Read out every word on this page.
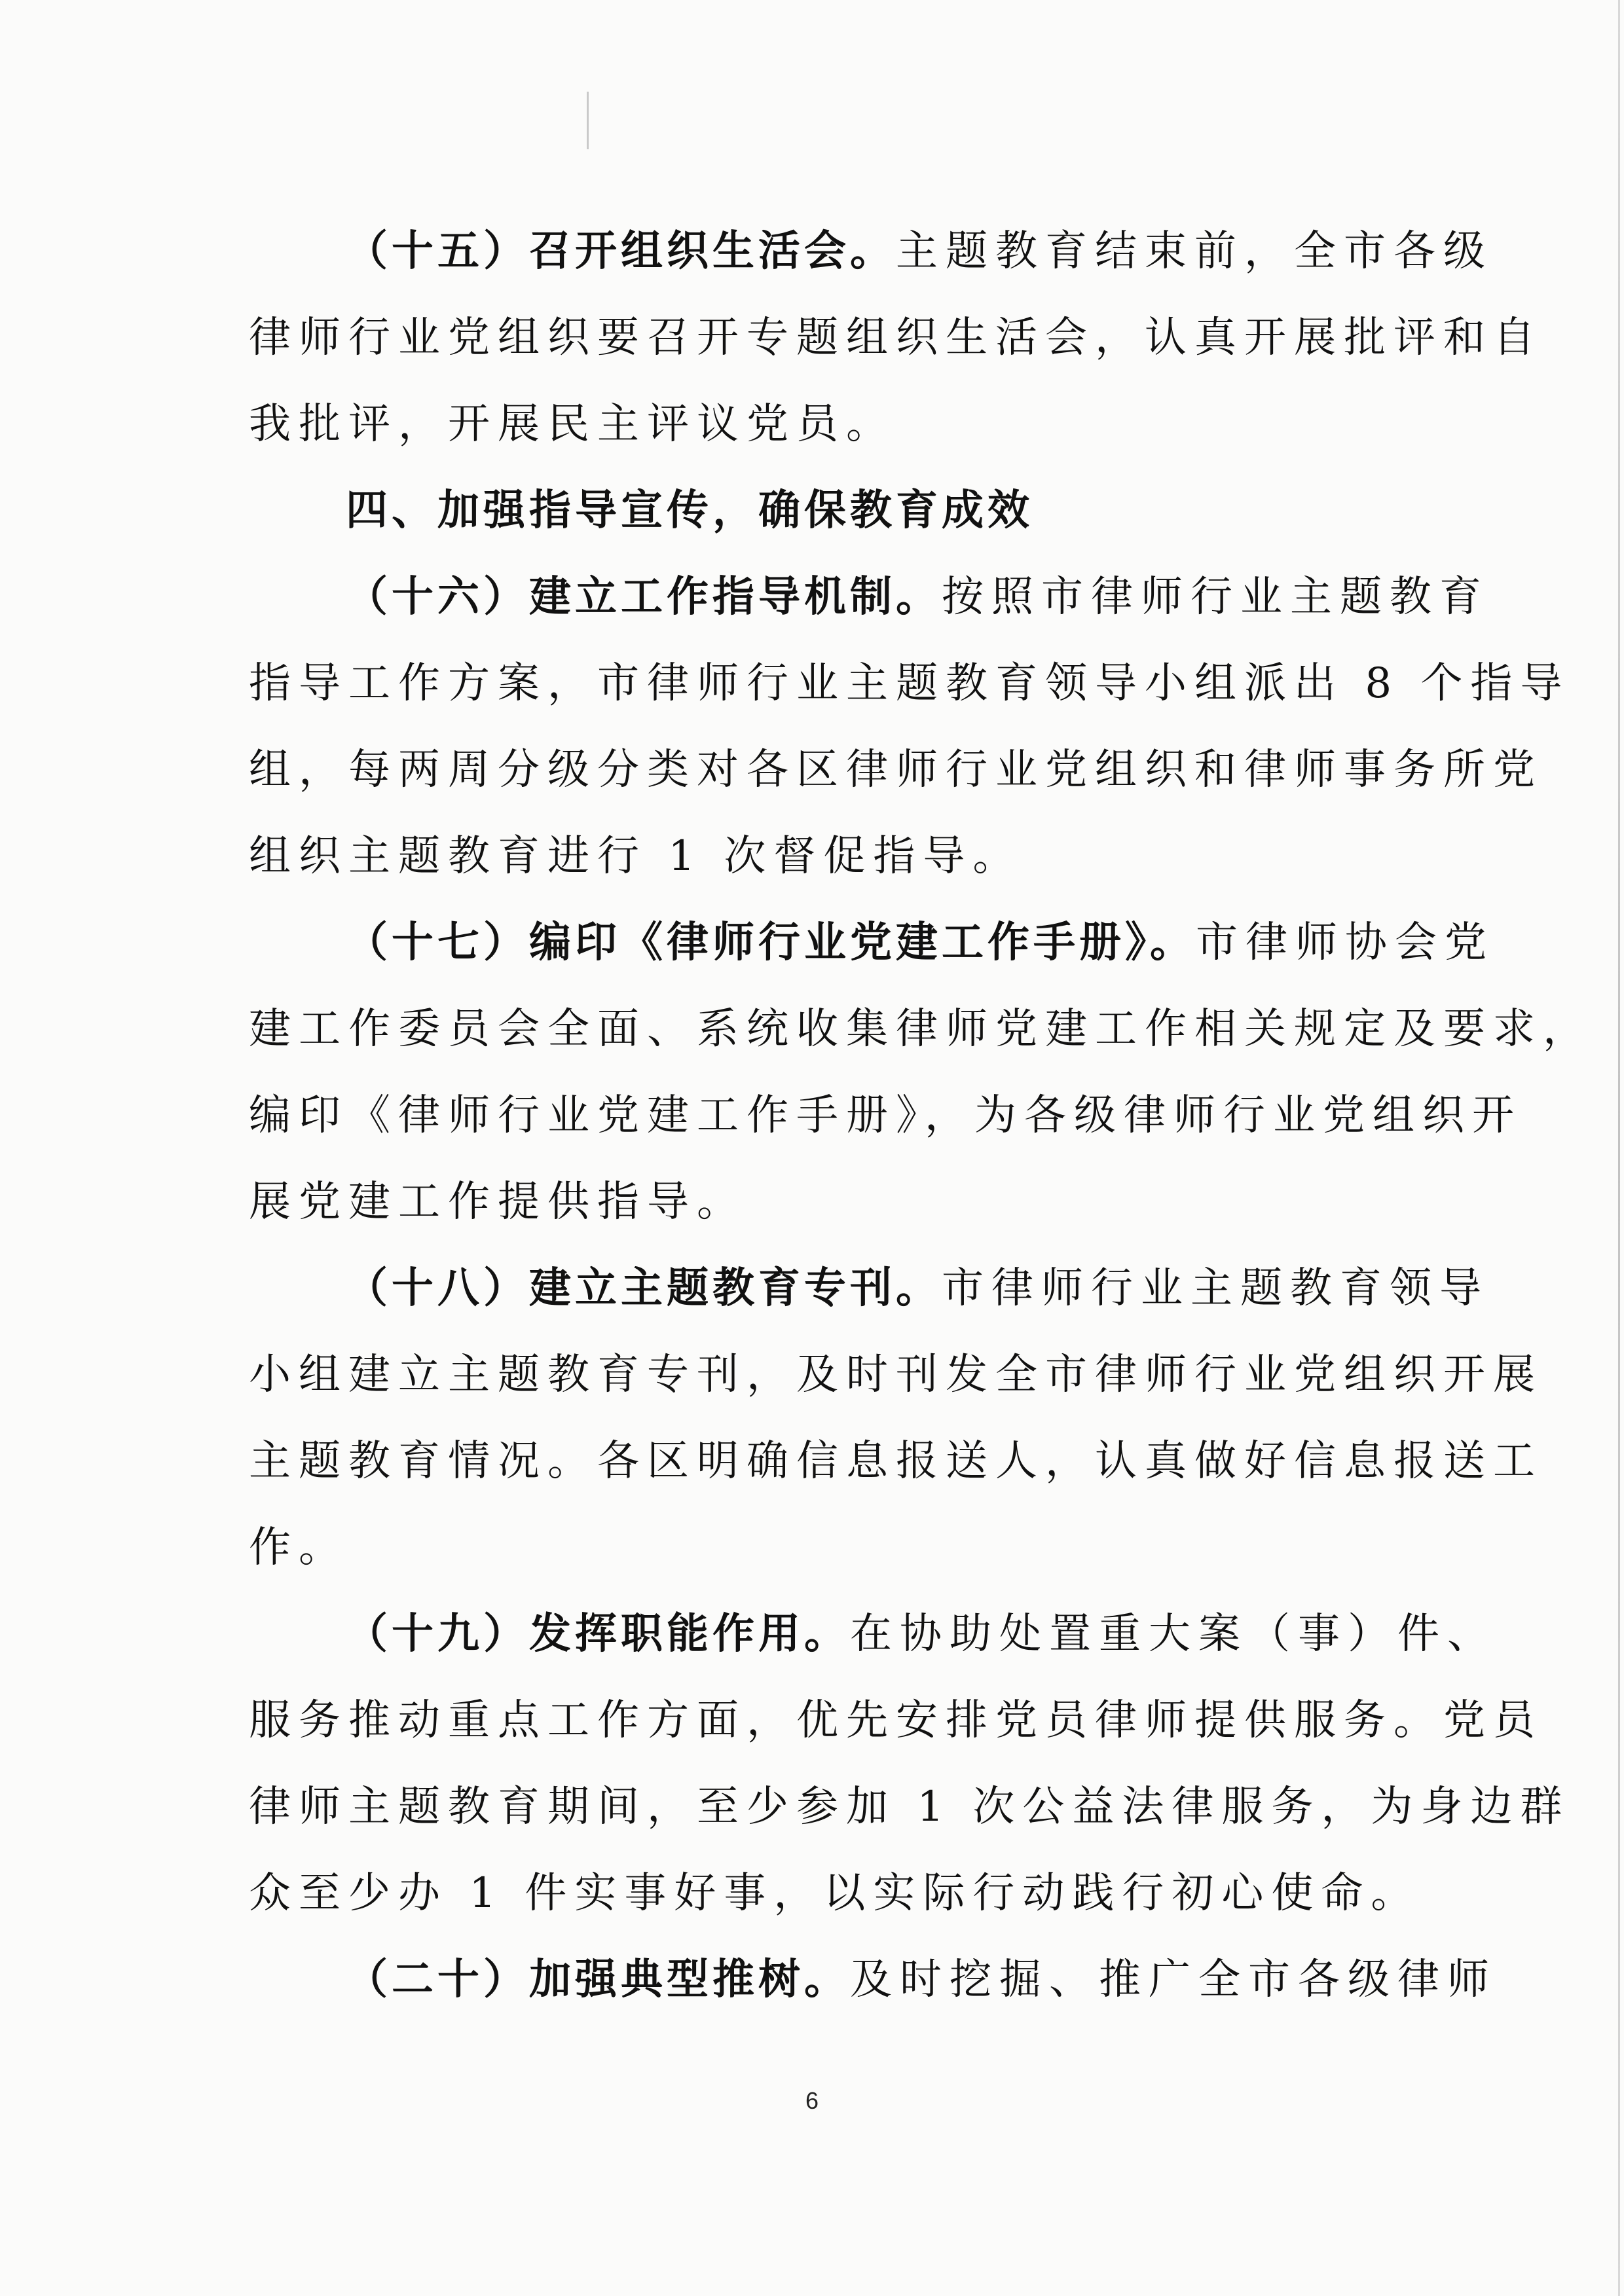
（十五）召开组织生活会。主题教育结束前，全市各级
律师行业党组织要召开专题组织生活会，认真开展批评和自
我批评，开展民主评议党员。
四、加强指导宣传，确保教育成效
（十六）建立工作指导机制。按照市律师行业主题教育
指导工作方案，市律师行业主题教育领导小组派出 8 个指导
组，每两周分级分类对各区律师行业党组织和律师事务所党
组织主题教育进行 1 次督促指导。
（十七）编印《律师行业党建工作手册》。市律师协会党
建工作委员会全面、系统收集律师党建工作相关规定及要求，
编印《律师行业党建工作手册》，为各级律师行业党组织开
展党建工作提供指导。
（十八）建立主题教育专刊。市律师行业主题教育领导
小组建立主题教育专刊，及时刊发全市律师行业党组织开展
主题教育情况。各区明确信息报送人，认真做好信息报送工
作。
（十九）发挥职能作用。在协助处置重大案（事）件、
服务推动重点工作方面，优先安排党员律师提供服务。党员
律师主题教育期间，至少参加 1 次公益法律服务，为身边群
众至少办 1 件实事好事，以实际行动践行初心使命。
（二十）加强典型推树。及时挖掘、推广全市各级律师
6
